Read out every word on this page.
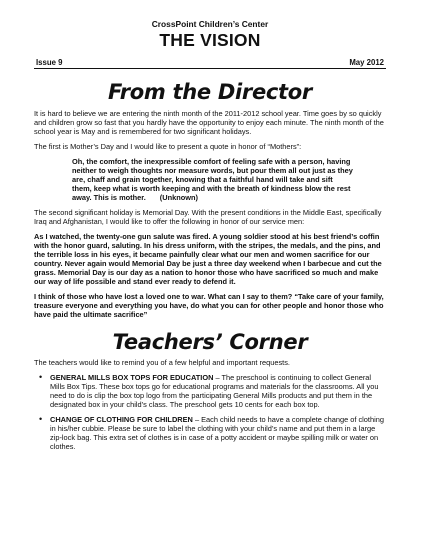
CrossPoint Children’s Center
THE VISION
Issue 9	May 2012
From the Director

It is hard to believe we are entering the ninth month of the 2011-2012 school year. Time goes by so quickly and children grow so fast that you hardly have the opportunity to enjoy each minute. The ninth month of the school year is May and is remembered for two significant holidays.

The first is Mother’s Day and I would like to present a quote in honor of “Mothers”:

Oh, the comfort, the inexpressible comfort of feeling safe with a person, having neither to weigh thoughts nor measure words, but pour them all out just as they are, chaff and grain together, knowing that a faithful hand will take and sift them, keep what is worth keeping and with the breath of kindness blow the rest away. This is mother. (Unknown)

The second significant holiday is Memorial Day. With the present conditions in the Middle East, specifically Iraq and Afghanistan, I would like to offer the following in honor of our service men:

As I watched, the twenty-one gun salute was fired. A young soldier stood at his best friend’s coffin with the honor guard, saluting. In his dress uniform, with the stripes, the medals, and the pins, and the terrible loss in his eyes, it became painfully clear what our men and women sacrifice for our country. Never again would Memorial Day be just a three day weekend when I barbecue and cut the grass. Memorial Day is our day as a nation to honor those who have sacrificed so much and make our way of life possible and stand ever ready to defend it.

I think of those who have lost a loved one to war. What can I say to them? “Take care of your family, treasure everyone and everything you have, do what you can for other people and honor those who have paid the ultimate sacrifice”

Teachers’ Corner

The teachers would like to remind you of a few helpful and important requests.

• GENERAL MILLS BOX TOPS FOR EDUCATION – The preschool is continuing to collect General Mills Box Tips. These box tops go for educational programs and materials for the classrooms. All you need to do is clip the box top logo from the participating General Mills products and put them in the designated box in your child’s class. The preschool gets 10 cents for each box top.
• CHANGE OF CLOTHING FOR CHILDREN – Each child needs to have a complete change of clothing in his/her cubbie. Please be sure to label the clothing with your child’s name and put them in a large zip-lock bag. This extra set of clothes is in case of a potty accident or maybe spilling milk or water on clothes.
